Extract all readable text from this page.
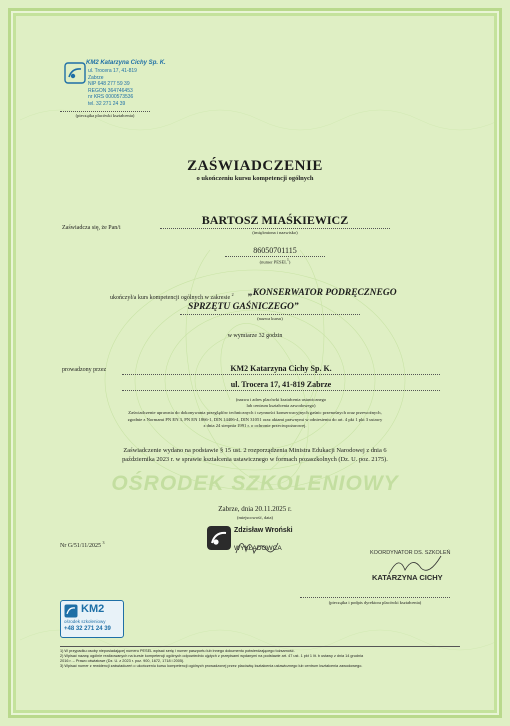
KM2 Katarzyna Cichy Sp. K.
ul. Trocera 17, 41-819 Zabrze
NIP 648 277 59 39
REGON 364746453
nr KRS 0000573536
tel. 32 271 24 39
(pieczątka placówki kształcenia)
ZAŚWIADCZENIE
o ukończeniu kursu kompetencji ogólnych
Zaświadcza się, że Pan/i
BARTOSZ MIAŚKIEWICZ
(imię/imiona i nazwisko)
86050701115
(numer PESEL$^1$)
ukończył/a kurs kompetencji ogólnych w zakresie $^2$ „KONSERWATOR PODRĘCZNEGO
SPRZĘTU GAŚNICZEGO”
(nazwa kursu)
w wymiarze 32 godzin
prowadzony przez	KM2 Katarzyna Cichy Sp. K.
ul. Trocera 17, 41-819 Zabrze
(nazwa i adres placówki kształcenia ustawicznego
lub centrum kształcenia zawodowego)
Zaświadczenie uprawnia do dokonywania przeglądów technicznych i czynności konserwacyjnych gaśnic przenośnych oraz przewoźnych,
zgodnie z Normami PN EN 3, PN EN 1866-1, DIN 14406-4, DIN 31051 oraz aktami prawnymi w odniesieniu do art. 4 pkt 1 pkt 3 ustawy
z dnia 24 sierpnia 1991 r. o ochronie przeciwpożarowej.
Zaświadczenie wydano na podstawie § 15 ust. 2 rozporządzenia Ministra Edukacji Narodowej z dnia 6
października 2023 r. w sprawie kształcenia ustawicznego w formach pozaszkolnych (Dz. U. poz. 2175).
OŚRODEK SZKOLENIOWY
Zabrze, dnia 20.11.2025 r.
(miejscowość, data)
Nr G/51/11/2025 $^3$
Zdzisław Wroński
WYKŁADOWCA
KOORDYNATOR DS. SZKOLEŃ
KATARZYNA CICHY
(pieczątka i podpis dyrektora placówki kształcenia)
KM2
ośrodek szkoleniowy
+48 32 271 24 39
1) W przypadku osoby nieposiadającej numeru PESEL wpisać serię i numer paszportu lub innego dokumentu potwierdzającego tożsamość.
2) Wpisać nazwę ogólnie realizowanych na kursie kompetencji ogólnych odpowiednio ujętych z przepisami wydanymi na podstawie art. 47 ust. 1 pkt 1 lit. b ustawy z dnia 14 grudnia
2016 r. – Prawo oświatowe (Dz. U. z 2023 r. poz. 900, 1672, 1718 i 2005).
3) Wpisać numer z rewidencji zaświadczeń o ukończeniu kursu kompetencji ogólnych prowadzonej przez placówkę kształcenia ustawicznego lub centrum kształcenia zawodowego.
